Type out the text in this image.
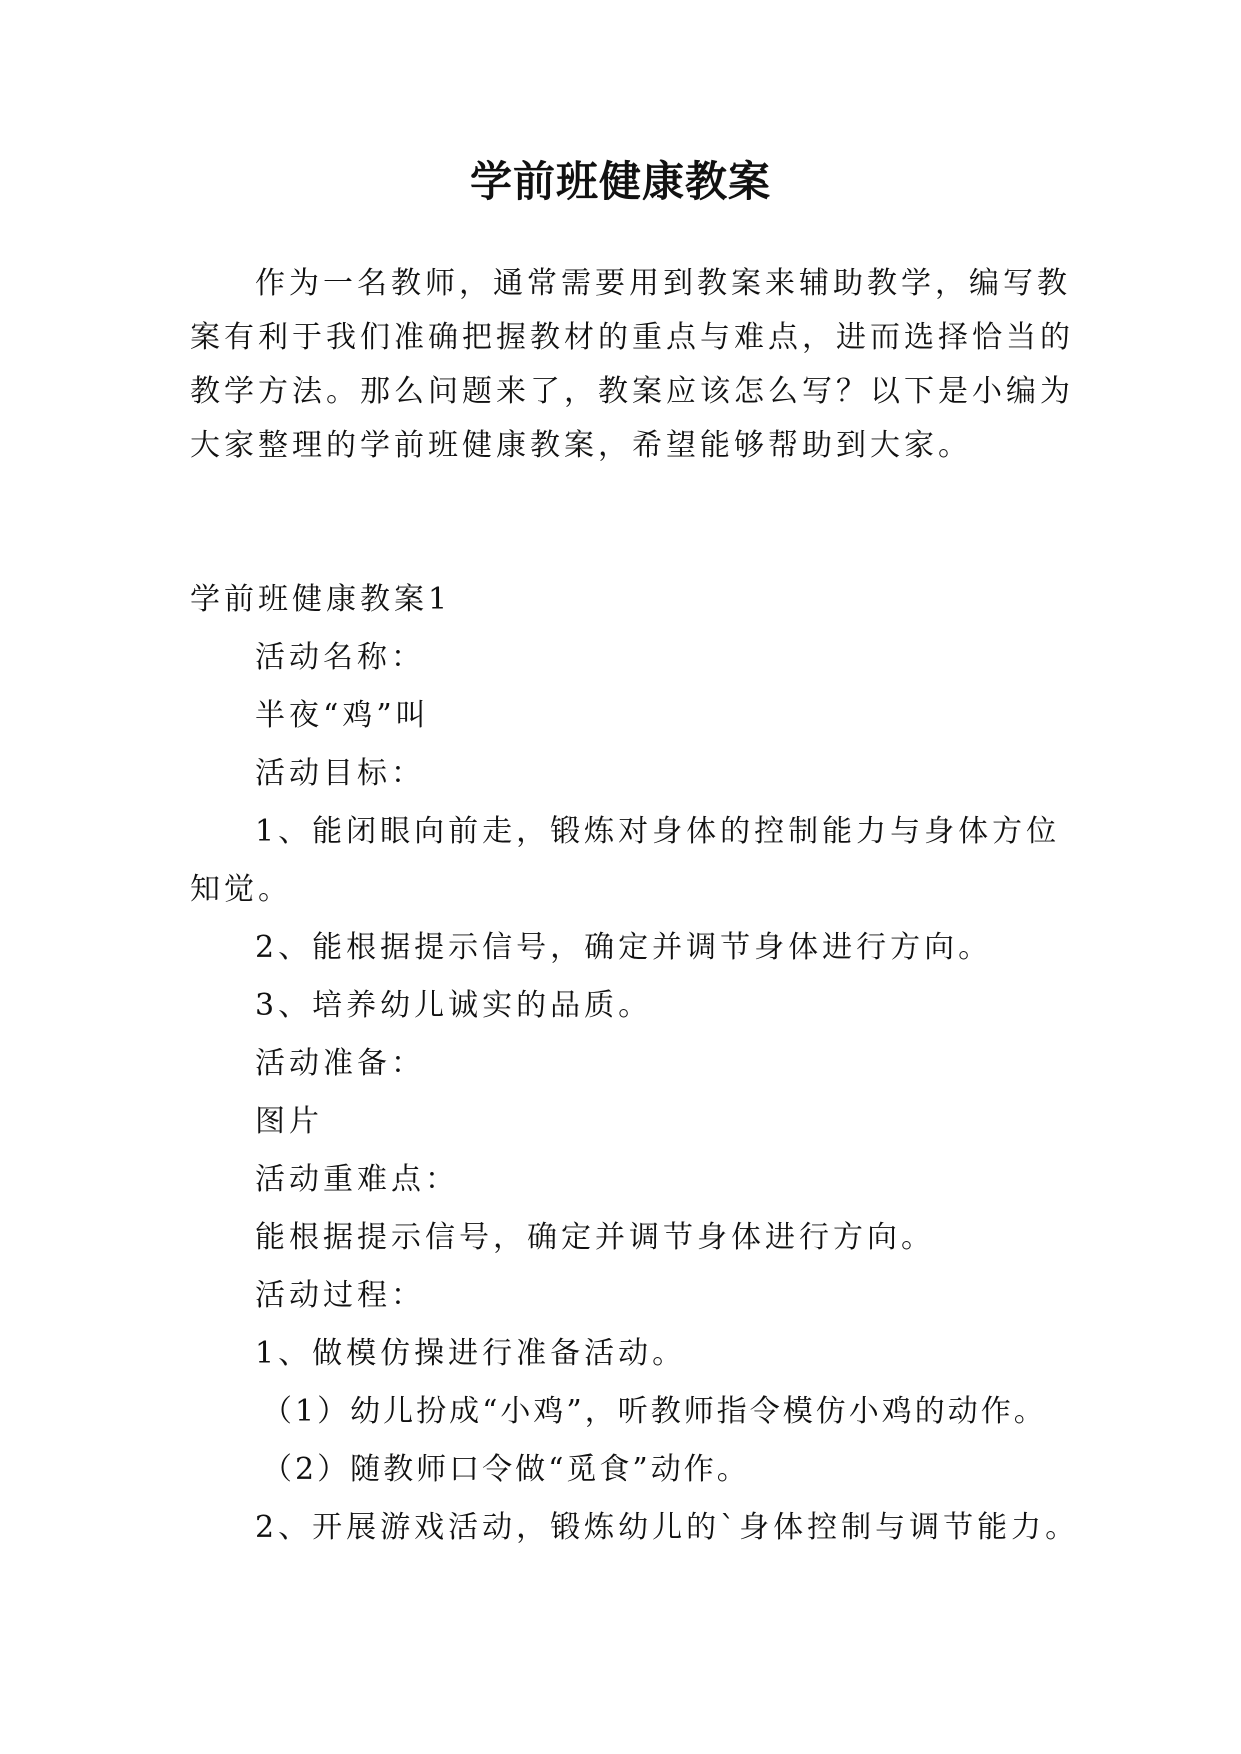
学前班健康教案
作为一名教师，通常需要用到教案来辅助教学，编写教
案有利于我们准确把握教材的重点与难点，进而选择恰当的
教学方法。那么问题来了，教案应该怎么写？以下是小编为
大家整理的学前班健康教案，希望能够帮助到大家。
学前班健康教案1
活动名称：
半夜“鸡”叫
活动目标：
1、能闭眼向前走，锻炼对身体的控制能力与身体方位
知觉。
2、能根据提示信号，确定并调节身体进行方向。
3、培养幼儿诚实的品质。
活动准备：
图片
活动重难点：
能根据提示信号，确定并调节身体进行方向。
活动过程：
1、做模仿操进行准备活动。
（1）幼儿扮成“小鸡”，听教师指令模仿小鸡的动作。
（2）随教师口令做“觅食”动作。
2、开展游戏活动，锻炼幼儿的`身体控制与调节能力。
